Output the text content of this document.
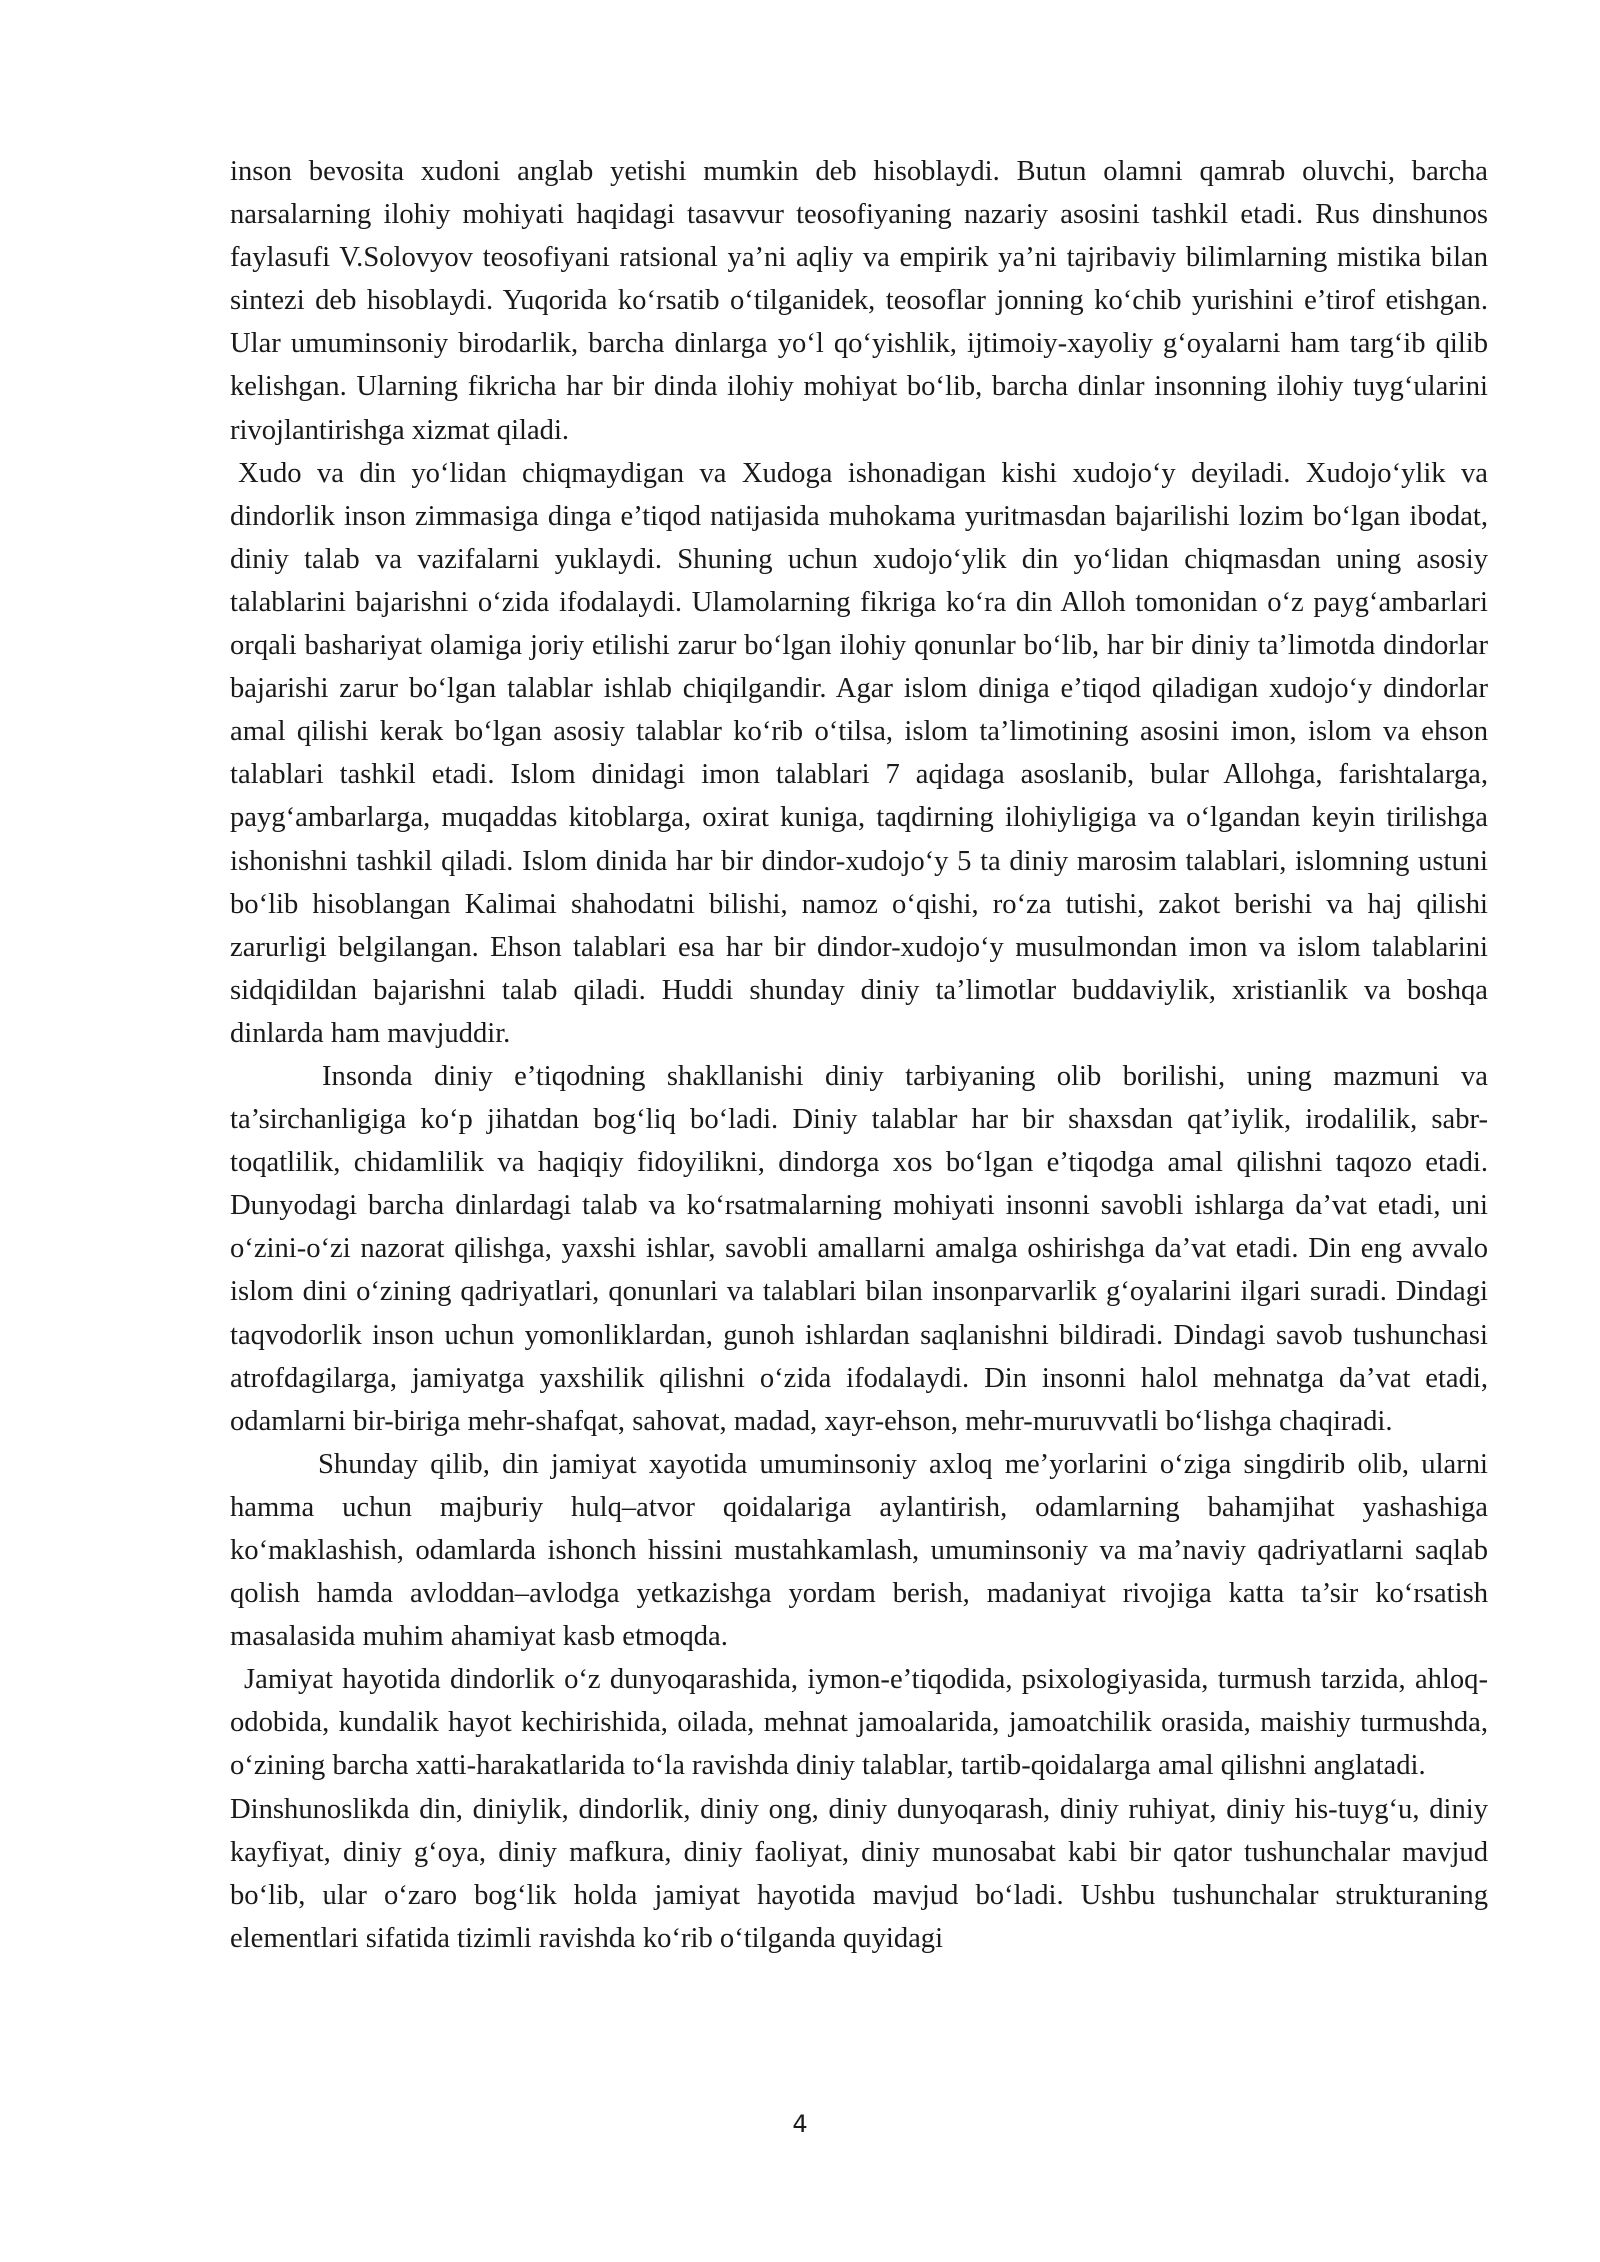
inson bevosita xudoni anglab yetishi mumkin deb hisoblaydi. Butun olamni qamrab oluvchi, barcha narsalarning ilohiy mohiyati haqidagi tasavvur teosofiyaning nazariy asosini tashkil etadi. Rus dinshunos faylasufi V.Solovyov teosofiyani ratsional ya’ni aqliy va empirik ya’ni tajribaviy bilimlarning mistika bilan sintezi deb hisoblaydi. Yuqorida koʻrsatib oʻtilganidek, teosoflar jonning koʻchib yurishini e’tirof etishgan. Ular umuminsoniy birodarlik, barcha dinlarga yoʻl qoʻyishlik, ijtimoiy-xayoliy gʻoyalarni ham targʻib qilib kelishgan. Ularning fikricha har bir dinda ilohiy mohiyat boʻlib, barcha dinlar insonning ilohiy tuygʻularini rivojlantirishga xizmat qiladi.

Xudo va din yoʻlidan chiqmaydigan va Xudoga ishonadigan kishi xudojoʻy deyiladi. Xudojoʻylik va dindorlik inson zimmasiga dinga e’tiqod natijasida muhokama yuritmasdan bajarilishi lozim boʻlgan ibodat, diniy talab va vazifalarni yuklaydi. Shuning uchun xudojoʻylik din yoʻlidan chiqmasdan uning asosiy talablarini bajarishni oʻzida ifodalaydi. Ulamolarning fikriga koʻra din Alloh tomonidan oʻz paygʻambarlari orqali bashariyat olamiga joriy etilishi zarur boʻlgan ilohiy qonunlar boʻlib, har bir diniy ta’limotda dindorlar bajarishi zarur boʻlgan talablar ishlab chiqilgandir. Agar islom diniga e’tiqod qiladigan xudojoʻy dindorlar amal qilishi kerak boʻlgan asosiy talablar koʻrib oʻtilsa, islom ta’limotining asosini imon, islom va ehson talablari tashkil etadi. Islom dinidagi imon talablari 7 aqidaga asoslanib, bular Allohga, farishtalarga, paygʻambarlarga, muqaddas kitoblarga, oxirat kuniga, taqdirning ilohiyligiga va oʻlgandan keyin tirilishga ishonishni tashkil qiladi. Islom dinida har bir dindor-xudojoʻy 5 ta diniy marosim talablari, islomning ustuni boʻlib hisoblangan Kalimai shahodatni bilishi, namoz oʻqishi, roʻza tutishi, zakot berishi va haj qilishi zarurligi belgilangan. Ehson talablari esa har bir dindor-xudojoʻy musulmondan imon va islom talablarini sidqidildan bajarishni talab qiladi. Huddi shunday diniy ta’limotlar buddaviylik, xristianlik va boshqa dinlarda ham mavjuddir.

Insonda diniy e’tiqodning shakllanishi diniy tarbiyaning olib borilishi, uning mazmuni va ta’sirchanligiga koʻp jihatdan bogʻliq boʻladi. Diniy talablar har bir shaxsdan qat’iylik, irodalilik, sabr-toqatlilik, chidamlilik va haqiqiy fidoyilikni, dindorga xos boʻlgan e’tiqodga amal qilishni taqozo etadi. Dunyodagi barcha dinlardagi talab va koʻrsatmalarning mohiyati insonni savobli ishlarga da’vat etadi, uni oʻzini-oʻzi nazorat qilishga, yaxshi ishlar, savobli amallarni amalga oshirishga da’vat etadi. Din eng avvalo islom dini oʻzining qadriyatlari, qonunlari va talablari bilan insonparvarlik gʻoyalarini ilgari suradi. Dindagi taqvodorlik inson uchun yomonliklardan, gunoh ishlardan saqlanishni bildiradi. Dindagi savob tushunchasi atrofdagilarga, jamiyatga yaxshilik qilishni oʻzida ifodalaydi. Din insonni halol mehnatga da’vat etadi, odamlarni bir-biriga mehr-shafqat, sahovat, madad, xayr-ehson, mehr-muruvvatli boʻlishga chaqiradi.

Shunday qilib, din jamiyat xayotida umuminsoniy axloq me’yorlarini oʻziga singdirib olib, ularni hamma uchun majburiy hulq–atvor qoidalariga aylantirish, odamlarning bahamjihat yashashiga koʻmaklashish, odamlarda ishonch hissini mustahkamlash, umuminsoniy va ma’naviy qadriyatlarni saqlab qolish hamda avloddan–avlodga yetkazishga yordam berish, madaniyat rivojiga katta ta’sir koʻrsatish masalasida muhim ahamiyat kasb etmoqda.

Jamiyat hayotida dindorlik oʻz dunyoqarashida, iymon-e’tiqodida, psixologiyasida, turmush tarzida, ahloq-odobida, kundalik hayot kechirishida, oilada, mehnat jamoalarida, jamoatchilik orasida, maishiy turmushda, oʻzining barcha xatti-harakatlarida toʻla ravishda diniy talablar, tartib-qoidalarga amal qilishni anglatadi.

Dinshunoslikda din, diniylik, dindorlik, diniy ong, diniy dunyoqarash, diniy ruhiyat, diniy his-tuygʻu, diniy kayfiyat, diniy gʻoya, diniy mafkura, diniy faoliyat, diniy munosabat kabi bir qator tushunchalar mavjud boʻlib, ular oʻzaro bogʻlik holda jamiyat hayotida mavjud boʻladi. Ushbu tushunchalar strukturaning elementlari sifatida tizimli ravishda koʻrib oʻtilganda quyidagi

4
